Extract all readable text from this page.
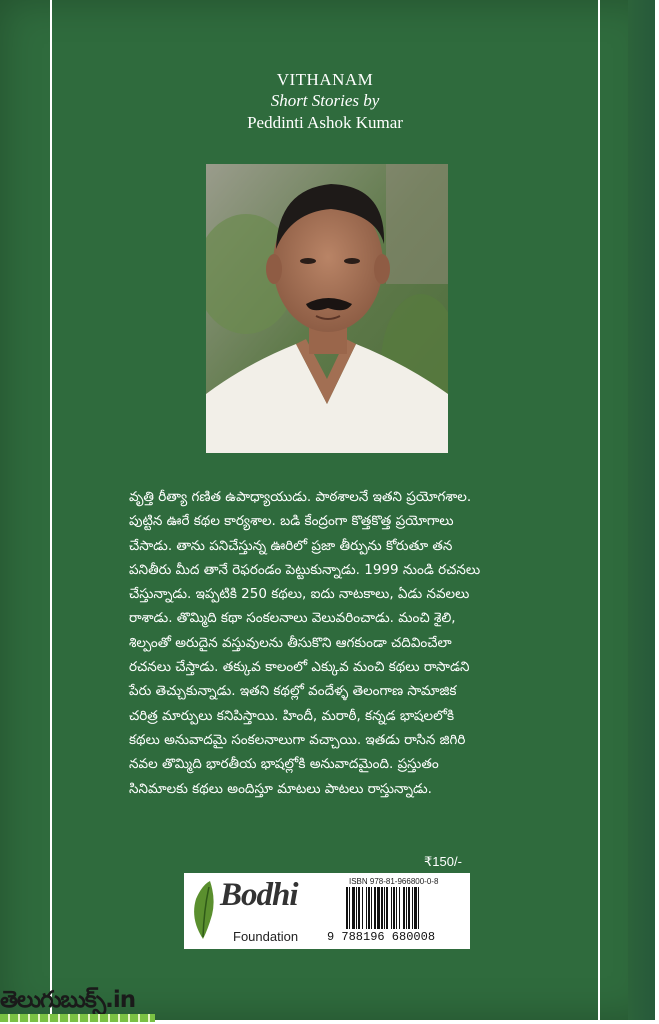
VITHANAM
Short Stories by
Peddinti Ashok Kumar

వృత్తి రీత్యా గణిత ఉపాధ్యాయుడు. పాఠశాలనే ఇతని ప్రయోగశాల.

పుట్టిన ఊరే కథల కార్యశాల. బడి కేంద్రంగా కొత్తకొత్త ప్రయోగాలు

చేసాడు. తాను పనిచేస్తున్న ఊరిలో ప్రజా తీర్పును కోరుతూ తన

పనితీరు మీద తానే రెఫరండం పెట్టుకున్నాడు. 1999 నుండి రచనలు

చేస్తున్నాడు. ఇప్పటికి 250 కథలు, ఐదు నాటకాలు, ఏడు నవలలు

రాశాడు. తొమ్మిది కథా సంకలనాలు వెలువరించాడు. మంచి శైలి,

శిల్పంతో అరుదైన వస్తువులను తీసుకొని ఆగకుండా చదివించేలా

రచనలు చేస్తాడు. తక్కువ కాలంలో ఎక్కువ మంచి కథలు రాసాడని

పేరు తెచ్చుకున్నాడు. ఇతని కథల్లో వందేళ్ళ తెలంగాణ సామాజిక

చరిత్ర మార్పులు కనిపిస్తాయి. హిందీ, మరాఠీ, కన్నడ భాషలలోకి

కథలు అనువాదమై సంకలనాలుగా వచ్చాయి. ఇతడు రాసిన జిగిరి

నవల తొమ్మిది భారతీయ భాషల్లోకి అనువాదమైంది. ప్రస్తుతం

సినిమాలకు కథలు అందిస్తూ మాటలు పాటలు రాస్తున్నాడు.

₹150/-
Bodhi
Foundation
ISBN 978-81-966800-0-8
9 788196 680008
తెలుగుబుక్స్.in
